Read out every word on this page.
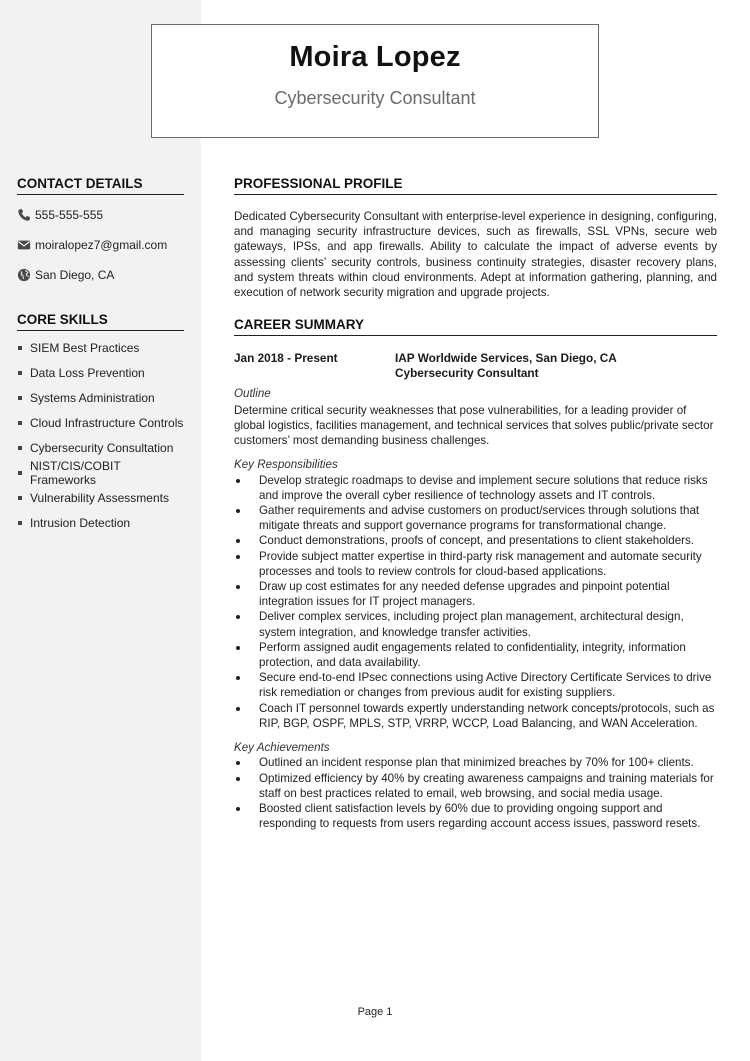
Moira Lopez
Cybersecurity Consultant
CONTACT DETAILS
555-555-555
moiralopez7@gmail.com
San Diego, CA
CORE SKILLS
SIEM Best Practices
Data Loss Prevention
Systems Administration
Cloud Infrastructure Controls
Cybersecurity Consultation
NIST/CIS/COBIT Frameworks
Vulnerability Assessments
Intrusion Detection
PROFESSIONAL PROFILE

Dedicated Cybersecurity Consultant with enterprise-level experience in designing, configuring, and managing security infrastructure devices, such as firewalls, SSL VPNs, secure web gateways, IPSs, and app firewalls. Ability to calculate the impact of adverse events by assessing clients’ security controls, business continuity strategies, disaster recovery plans, and system threats within cloud environments. Adept at information gathering, planning, and execution of network security migration and upgrade projects.

CAREER SUMMARY
Jan 2018 - Present	IAP Worldwide Services, San Diego, CA
Cybersecurity Consultant
Outline

Determine critical security weaknesses that pose vulnerabilities, for a leading provider of global logistics, facilities management, and technical services that solves public/private sector customers’ most demanding business challenges.

Key Responsibilities
Develop strategic roadmaps to devise and implement secure solutions that reduce risks and improve the overall cyber resilience of technology assets and IT controls.
Gather requirements and advise customers on product/services through solutions that mitigate threats and support governance programs for transformational change.
Conduct demonstrations, proofs of concept, and presentations to client stakeholders.
Provide subject matter expertise in third-party risk management and automate security processes and tools to review controls for cloud-based applications.
Draw up cost estimates for any needed defense upgrades and pinpoint potential integration issues for IT project managers.
Deliver complex services, including project plan management, architectural design, system integration, and knowledge transfer activities.
Perform assigned audit engagements related to confidentiality, integrity, information protection, and data availability.
Secure end-to-end IPsec connections using Active Directory Certificate Services to drive risk remediation or changes from previous audit for existing suppliers.
Coach IT personnel towards expertly understanding network concepts/protocols, such as RIP, BGP, OSPF, MPLS, STP, VRRP, WCCP, Load Balancing, and WAN Acceleration.
Key Achievements
Outlined an incident response plan that minimized breaches by 70% for 100+ clients.
Optimized efficiency by 40% by creating awareness campaigns and training materials for staff on best practices related to email, web browsing, and social media usage.
Boosted client satisfaction levels by 60% due to providing ongoing support and responding to requests from users regarding account access issues, password resets.
Page 1
